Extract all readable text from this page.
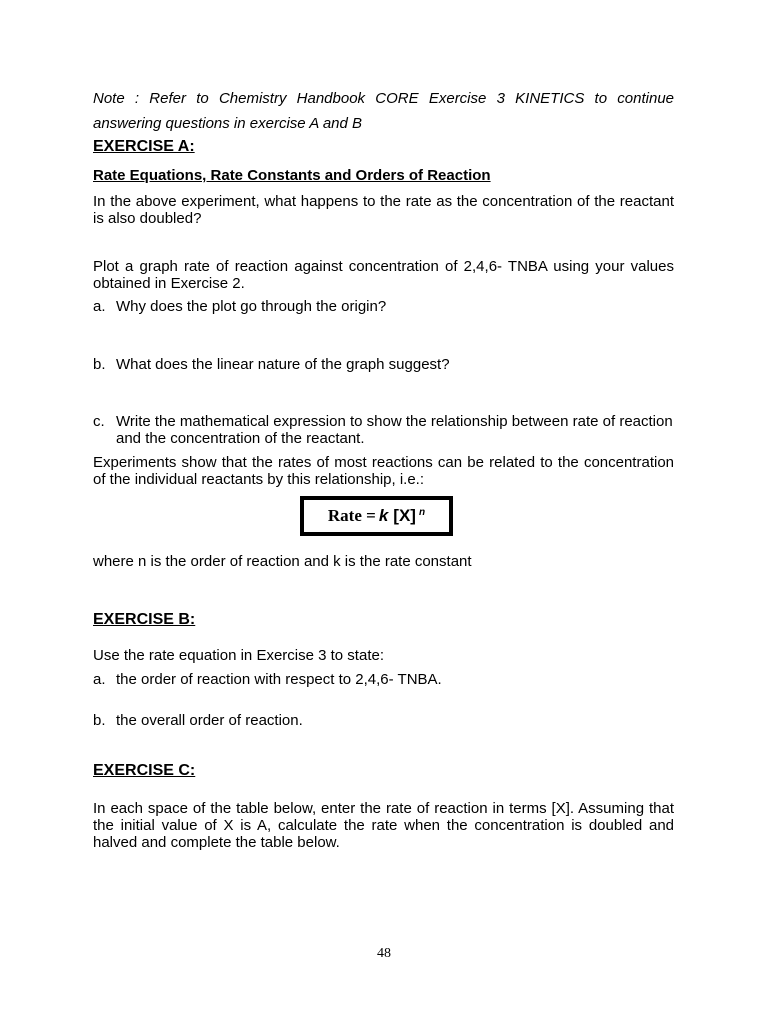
Note : Refer to Chemistry Handbook CORE Exercise 3 KINETICS to continue answering questions in exercise A and B
EXERCISE A:
Rate Equations, Rate Constants and Orders of Reaction

In the above experiment, what happens to the rate as the concentration of the reactant is also doubled?

Plot a graph rate of reaction against concentration of 2,4,6- TNBA using your values obtained in Exercise 2.

a. Why does the plot go through the origin?
b. What does the linear nature of the graph suggest?
c. Write the mathematical expression to show the relationship between rate of reaction and the concentration of the reactant.

Experiments show that the rates of most reactions can be related to the concentration of the individual reactants by this relationship, i.e.:

Rate = k [X] $^n$

where n is the order of reaction and k is the rate constant

EXERCISE B:

Use the rate equation in Exercise 3 to state:

a. the order of reaction with respect to 2,4,6- TNBA.
b. the overall order of reaction.
EXERCISE C:

In each space of the table below, enter the rate of reaction in terms [X]. Assuming that the initial value of X is A, calculate the rate when the concentration is doubled and halved and complete the table below.

48
